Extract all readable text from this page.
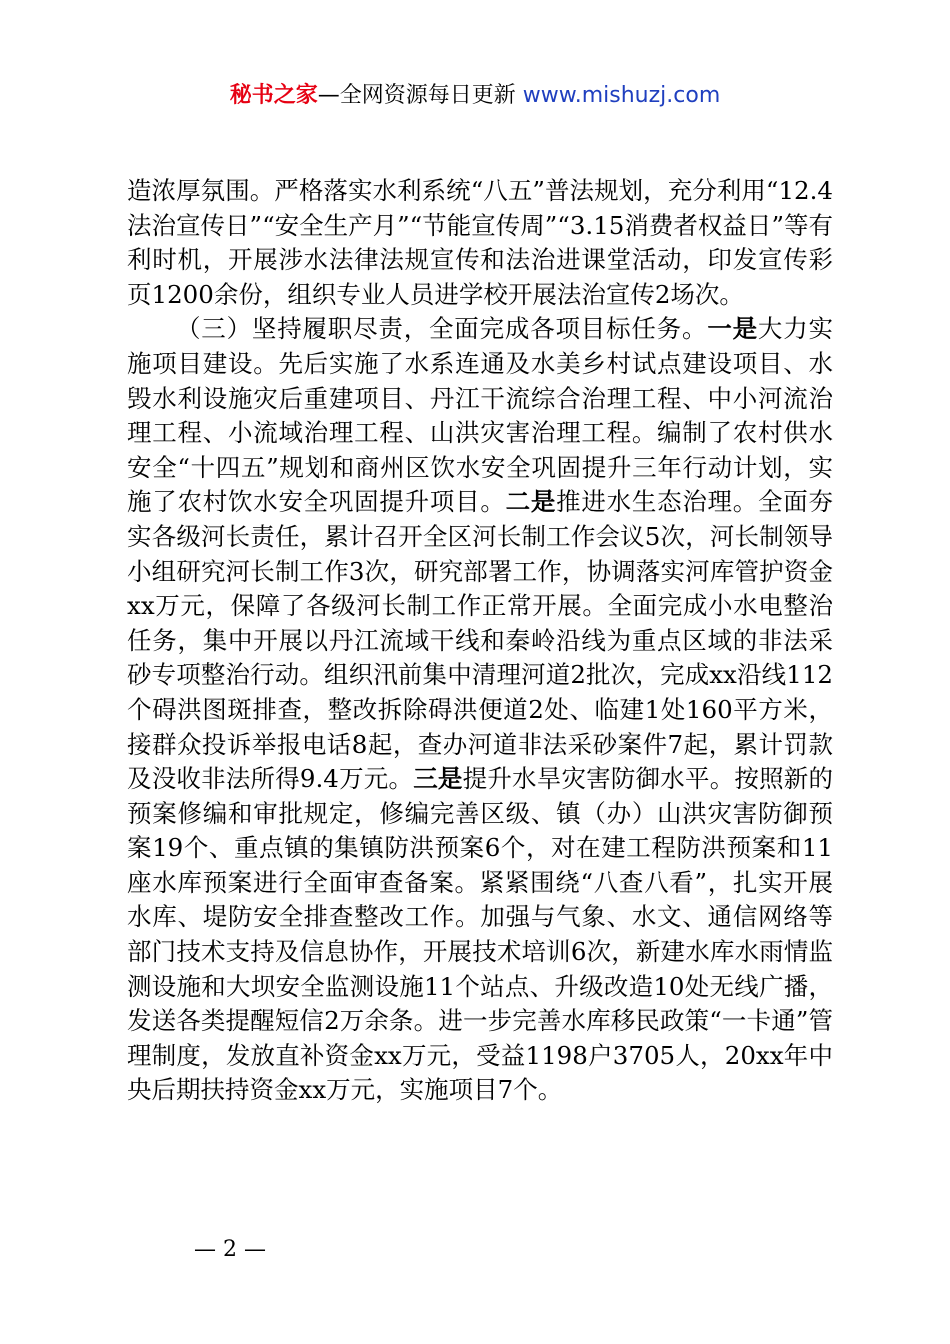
秘书之家—全网资源每日更新 www.mishuzj.com

造浓厚氛围。严格落实水利系统“八五”普法规划，充分利用“12.4法治宣传日”“安全生产月”“节能宣传周”“3.15消费者权益日”等有利时机，开展涉水法律法规宣传和法治进课堂活动，印发宣传彩页1200余份，组织专业人员进学校开展法治宣传2场次。

（三）坚持履职尽责，全面完成各项目标任务。一是大力实施项目建设。先后实施了水系连通及水美乡村试点建设项目、水毁水利设施灾后重建项目、丹江干流综合治理工程、中小河流治理工程、小流域治理工程、山洪灾害治理工程。编制了农村供水安全“十四五”规划和商州区饮水安全巩固提升三年行动计划，实施了农村饮水安全巩固提升项目。二是推进水生态治理。全面夯实各级河长责任，累计召开全区河长制工作会议5次，河长制领导小组研究河长制工作3次，研究部署工作，协调落实河库管护资金xx万元，保障了各级河长制工作正常开展。全面完成小水电整治任务，集中开展以丹江流域干线和秦岭沿线为重点区域的非法采砂专项整治行动。组织汛前集中清理河道2批次，完成xx沿线112个碍洪图斑排查，整改拆除碍洪便道2处、临建1处160平方米，接群众投诉举报电话8起，查办河道非法采砂案件7起，累计罚款及没收非法所得9.4万元。三是提升水旱灾害防御水平。按照新的预案修编和审批规定，修编完善区级、镇（办）山洪灾害防御预案19个、重点镇的集镇防洪预案6个，对在建工程防洪预案和11座水库预案进行全面审查备案。紧紧围绕“八查八看”，扎实开展水库、堤防安全排查整改工作。加强与气象、水文、通信网络等部门技术支持及信息协作，开展技术培训6次，新建水库水雨情监测设施和大坝安全监测设施11个站点、升级改造10处无线广播，发送各类提醒短信2万余条。进一步完善水库移民政策“一卡通”管理制度，发放直补资金xx万元，受益1198户3705人，20xx年中央后期扶持资金xx万元，实施项目7个。

— 2 —
